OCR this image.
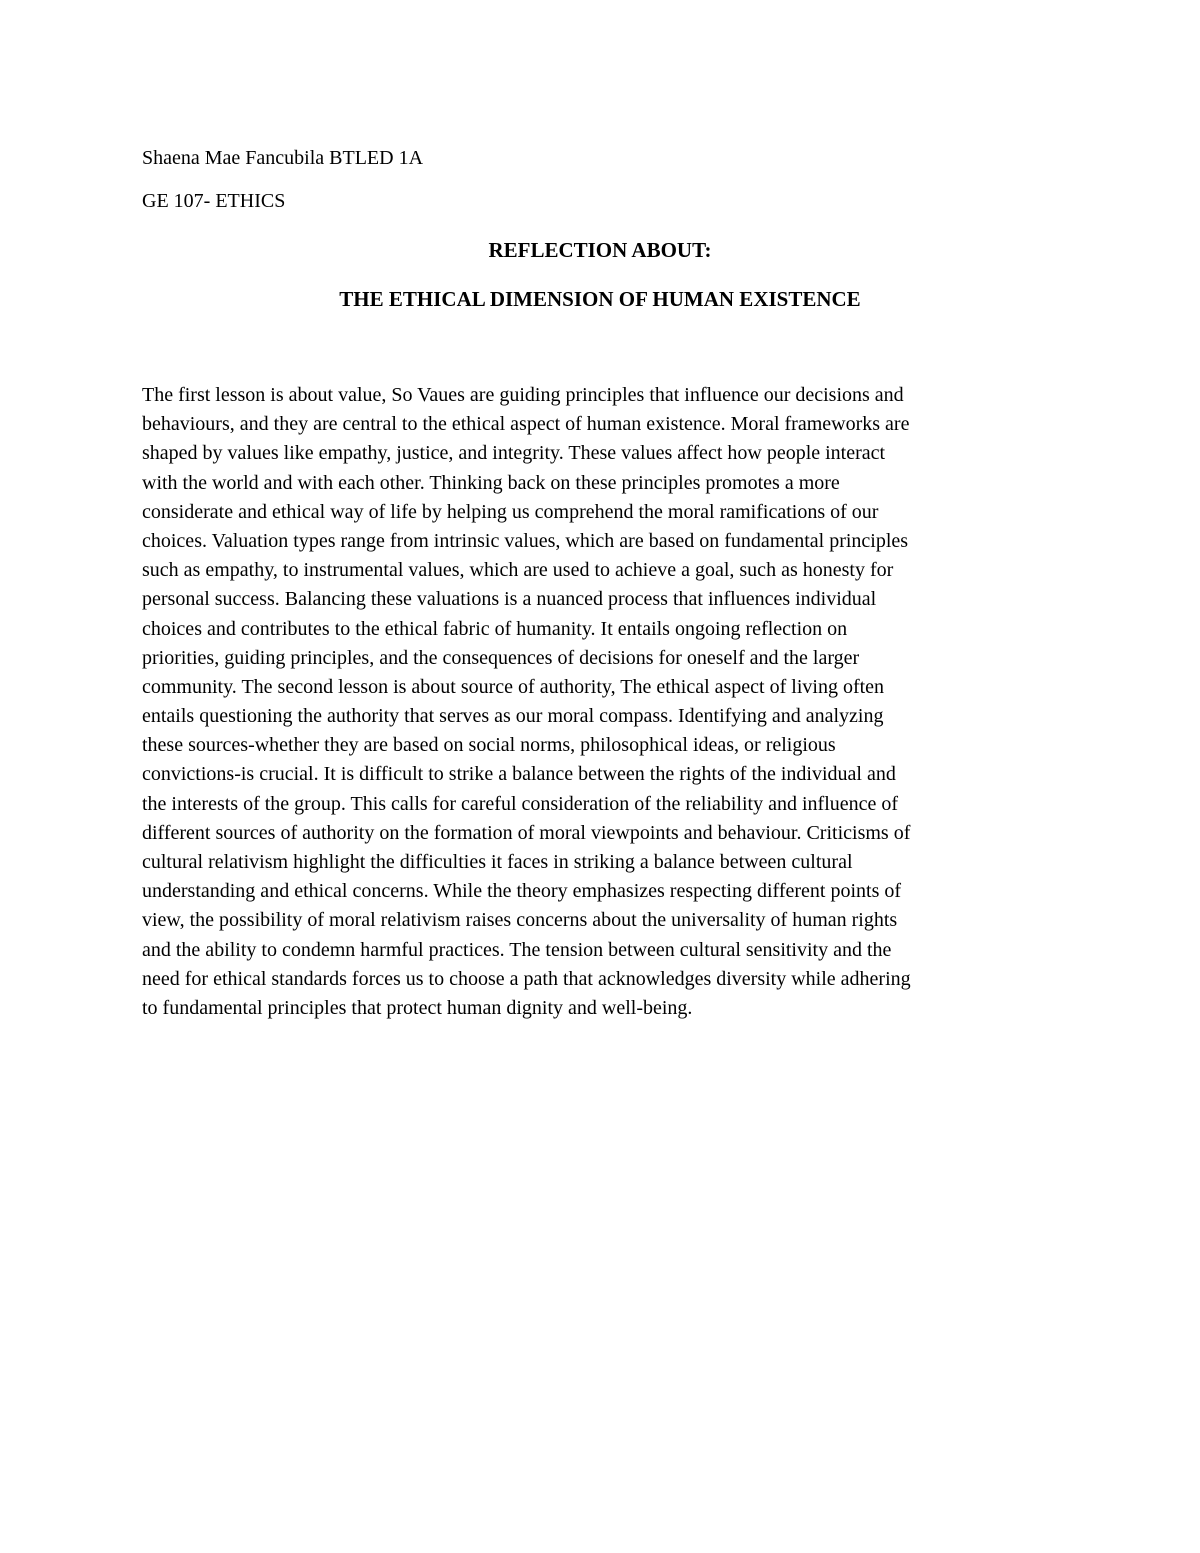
Shaena Mae Fancubila BTLED 1A

GE 107- ETHICS

REFLECTION ABOUT:
THE ETHICAL DIMENSION OF HUMAN EXISTENCE
The first lesson is about value, So Vaues are guiding principles that influence our decisions and
behaviours, and they are central to the ethical aspect of human existence. Moral frameworks are
shaped by values like empathy, justice, and integrity. These values affect how people interact
with the world and with each other. Thinking back on these principles promotes a more
considerate and ethical way of life by helping us comprehend the moral ramifications of our
choices. Valuation types range from intrinsic values, which are based on fundamental principles
such as empathy, to instrumental values, which are used to achieve a goal, such as honesty for
personal success. Balancing these valuations is a nuanced process that influences individual
choices and contributes to the ethical fabric of humanity. It entails ongoing reflection on
priorities, guiding principles, and the consequences of decisions for oneself and the larger
community. The second lesson is about source of authority, The ethical aspect of living often
entails questioning the authority that serves as our moral compass. Identifying and analyzing
these sources-whether they are based on social norms, philosophical ideas, or religious
convictions-is crucial. It is difficult to strike a balance between the rights of the individual and
the interests of the group. This calls for careful consideration of the reliability and influence of
different sources of authority on the formation of moral viewpoints and behaviour. Criticisms of
cultural relativism highlight the difficulties it faces in striking a balance between cultural
understanding and ethical concerns. While the theory emphasizes respecting different points of
view, the possibility of moral relativism raises concerns about the universality of human rights
and the ability to condemn harmful practices. The tension between cultural sensitivity and the
need for ethical standards forces us to choose a path that acknowledges diversity while adhering
to fundamental principles that protect human dignity and well-being.
